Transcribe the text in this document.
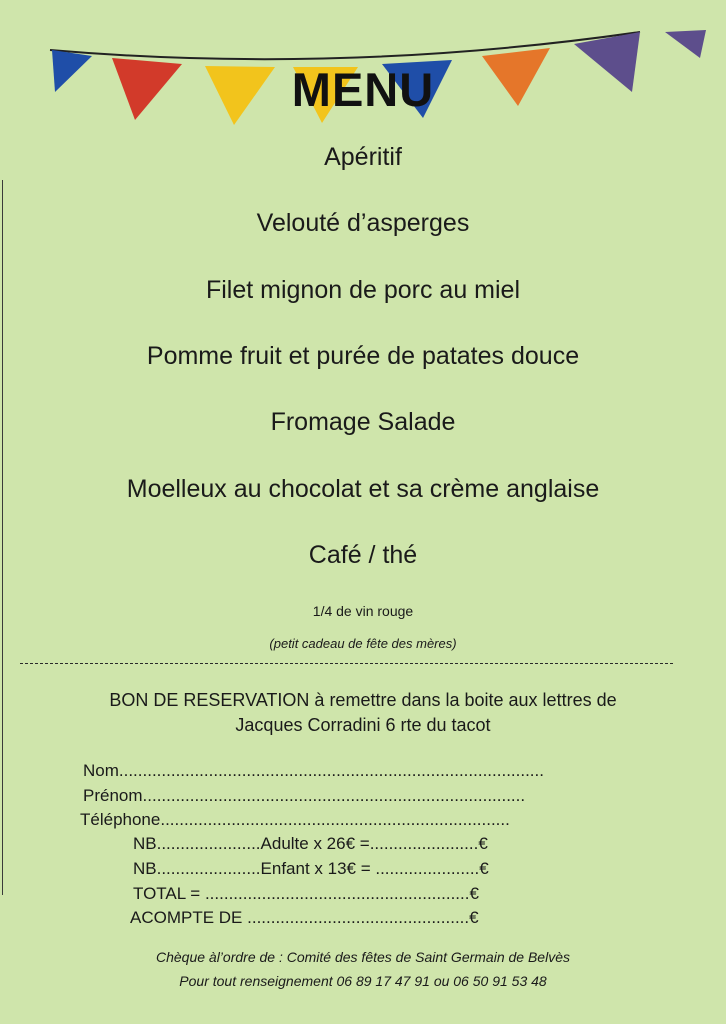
MENU
Apéritif
Velouté d’asperges
Filet mignon de porc au miel
Pomme fruit et purée de patates douce
Fromage Salade
Moelleux au chocolat et sa crème anglaise
Café / thé
1/4 de vin rouge
(petit cadeau de fête des mères)
BON DE RESERVATION à remettre dans la boite aux lettres de
Jacques Corradini 6 rte du tacot
Nom..........................................................................................
Prénom.................................................................................
Téléphone..........................................................................
NB......................Adulte x 26€ =.......................€
NB......................Enfant x 13€ = ......................€
TOTAL = ........................................................€
ACOMPTE DE ...............................................€
Chèque àl’ordre de : Comité des fêtes de Saint Germain de Belvès
Pour tout renseignement 06 89 17 47 91 ou 06 50 91 53 48
